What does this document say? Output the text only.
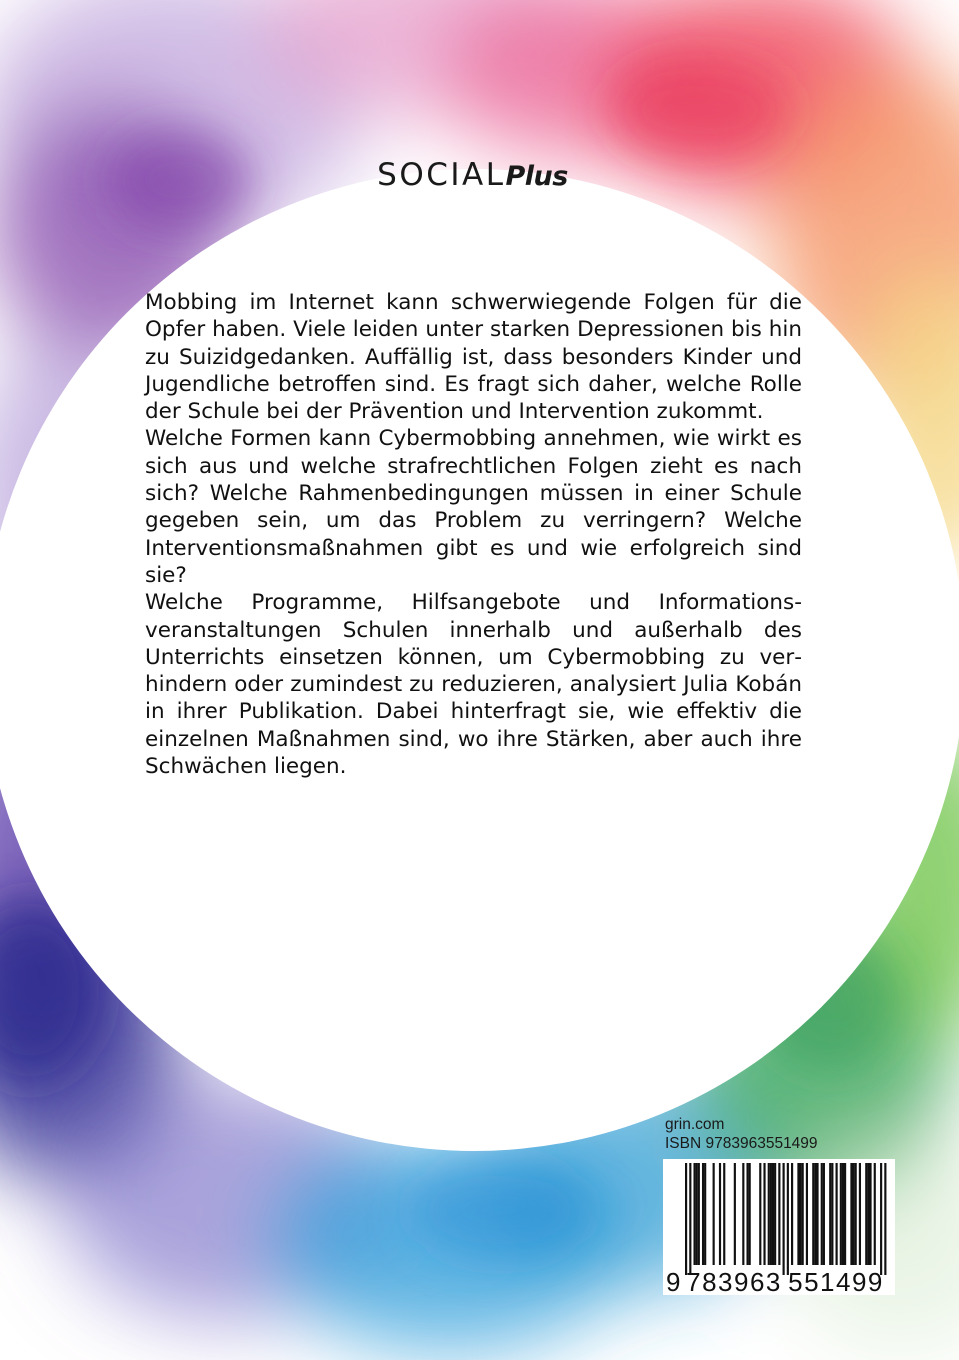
SOCIALPlus

Mobbing im Internet kann schwerwiegende Folgen für die Opfer haben. Viele leiden unter starken Depressionen bis hin zu Suizidgedanken. Auffällig ist, dass besonders Kinder und Jugendliche betroffen sind. Es fragt sich daher, welche Rolle der Schule bei der Prävention und Intervention zukommt.

Welche Formen kann Cybermobbing annehmen, wie wirkt es sich aus und welche strafrechtlichen Folgen zieht es nach sich? Welche Rahmenbedingungen müssen in einer Schule gegeben sein, um das Problem zu verringern? Welche Interventionsmaßnahmen gibt es und wie erfolgreich sind sie?

Welche Programme, Hilfsangebote und Informationsveranstaltungen Schulen innerhalb und außerhalb des Unterrichts einsetzen können, um Cybermobbing zu verhindern oder zumindest zu reduzieren, analysiert Julia Kobán in ihrer Publikation. Dabei hinterfragt sie, wie effektiv die einzelnen Maßnahmen sind, wo ihre Stärken, aber auch ihre Schwächen liegen.

grin.com
ISBN 9783963551499
9 783963 551499
